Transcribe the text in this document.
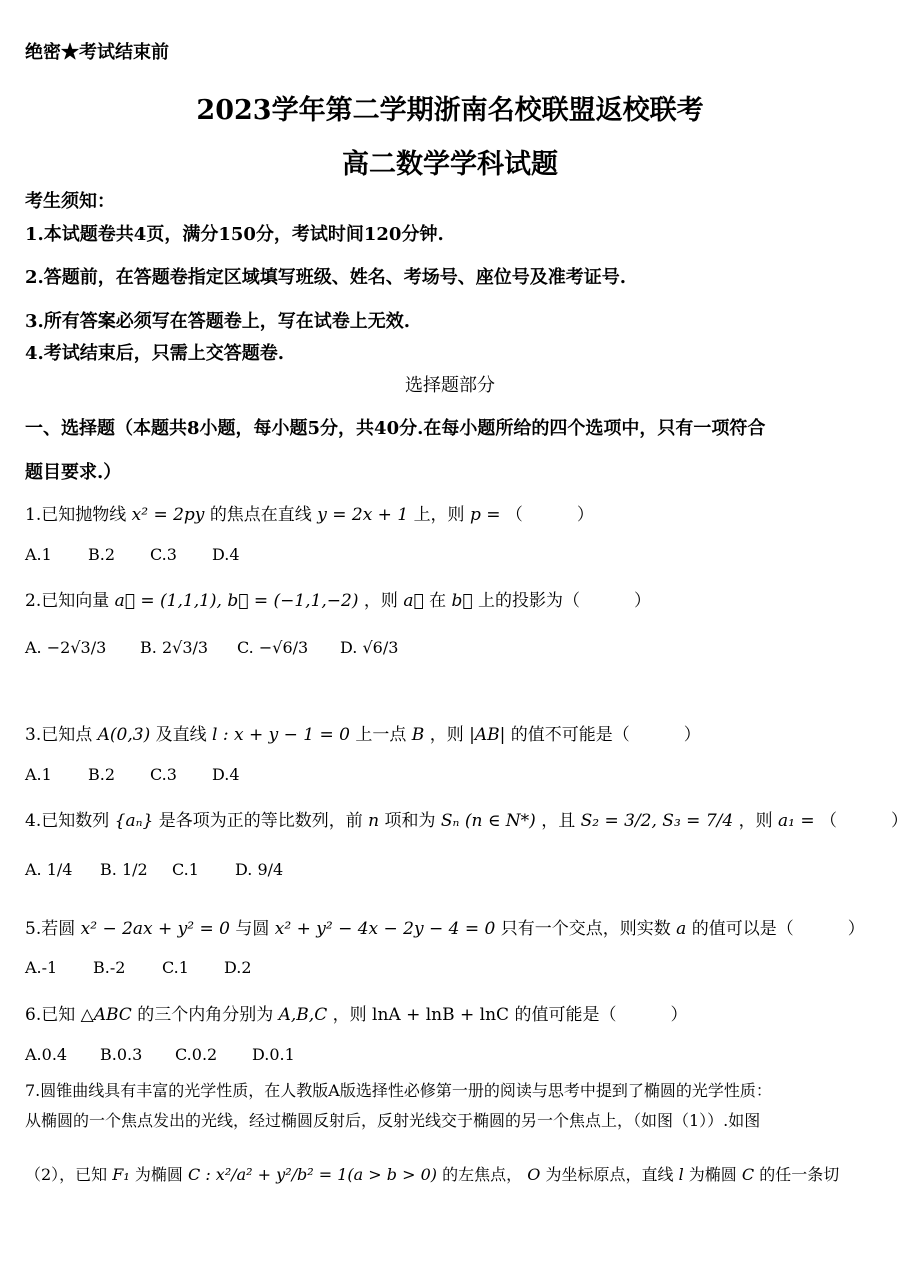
绝密★考试结束前
2023学年第二学期浙南名校联盟返校联考
高二数学学科试题
考生须知：
1.本试题卷共4页，满分150分，考试时间120分钟.
2.答题前，在答题卷指定区域填写班级、姓名、考场号、座位号及准考证号.
3.所有答案必须写在答题卷上，写在试卷上无效.
4.考试结束后，只需上交答题卷.
选择题部分
一、选择题（本题共8小题，每小题5分，共40分.在每小题所给的四个选项中，只有一项符合
题目要求.）
1.已知抛物线 x² = 2py 的焦点在直线 y = 2x + 1 上，则 p = （	）
A.1 B.2 C.3 D.4
2.已知向量 a⃗ = (1,1,1), b⃗ = (−1,1,−2) ，则 a⃗ 在 b⃗ 上的投影为（	）
A. −2√3/3 B. 2√3/3 C. −√6/3 D. √6/3
3.已知点 A(0,3) 及直线 l : x + y − 1 = 0 上一点 B ，则 |AB| 的值不可能是（	）
A.1 B.2 C.3 D.4
4.已知数列 {aₙ} 是各项为正的等比数列，前 n 项和为 Sₙ (n ∈ N*) ，且 S₂ = 3/2, S₃ = 7/4 ，则 a₁ = （	）
A. 1/4 B. 1/2 C.1 D. 9/4
5.若圆 x² − 2ax + y² = 0 与圆 x² + y² − 4x − 2y − 4 = 0 只有一个交点，则实数 a 的值可以是（	）
A.-1 B.-2 C.1 D.2
6.已知 △ABC 的三个内角分别为 A,B,C ，则 lnA + lnB + lnC 的值可能是（	）
A.0.4 B.0.3 C.0.2 D.0.1
7.圆锥曲线具有丰富的光学性质，在人教版A版选择性必修第一册的阅读与思考中提到了椭圆的光学性质：
从椭圆的一个焦点发出的光线，经过椭圆反射后，反射光线交于椭圆的另一个焦点上，（如图（1））.如图
（2），已知 F₁ 为椭圆 C : x²/a² + y²/b² = 1(a > b > 0) 的左焦点， O 为坐标原点，直线 l 为椭圆 C 的任一条切
